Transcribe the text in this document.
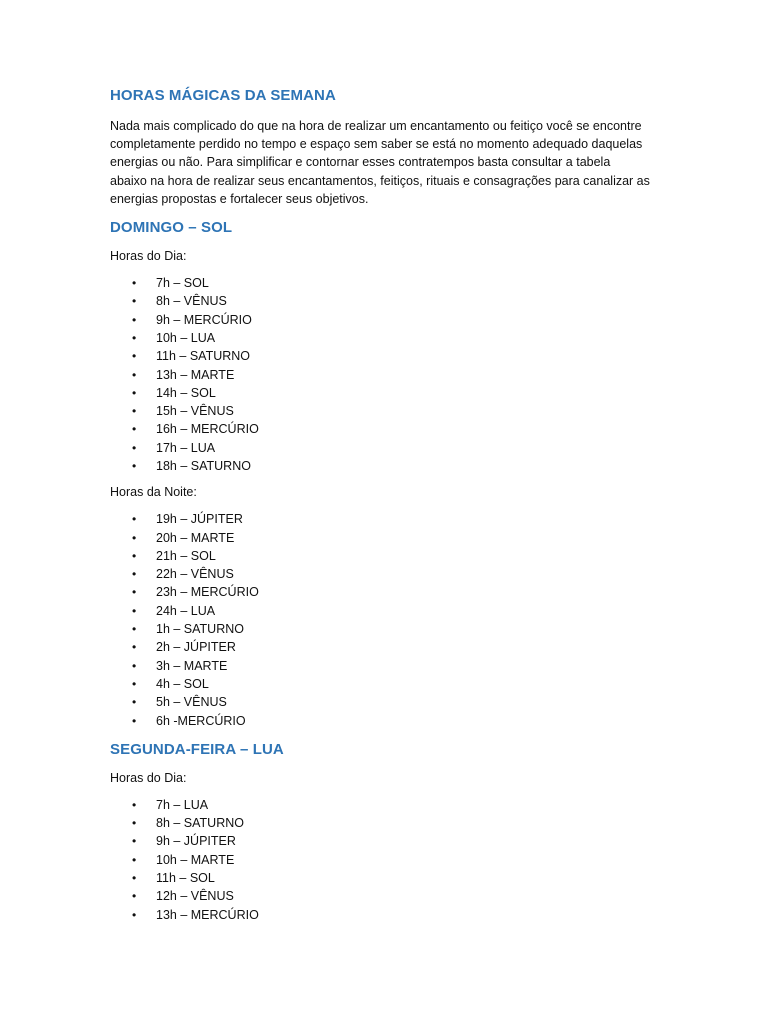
HORAS MÁGICAS DA SEMANA

Nada mais complicado do que na hora de realizar um encantamento ou feitiço você se encontre completamente perdido no tempo e espaço sem saber se está no momento adequado daquelas energias ou não. Para simplificar e contornar esses contratempos basta consultar a tabela abaixo na hora de realizar seus encantamentos, feitiços, rituais e consagrações para canalizar as energias propostas e fortalecer seus objetivos.

DOMINGO – SOL

Horas do Dia:

• 7h – SOL
• 8h – VÊNUS
• 9h – MERCÚRIO
• 10h – LUA
• 11h – SATURNO
• 13h – MARTE
• 14h – SOL
• 15h – VÊNUS
• 16h – MERCÚRIO
• 17h – LUA
• 18h – SATURNO

Horas da Noite:

• 19h – JÚPITER
• 20h – MARTE
• 21h – SOL
• 22h – VÊNUS
• 23h – MERCÚRIO
• 24h – LUA
• 1h – SATURNO
• 2h – JÚPITER
• 3h – MARTE
• 4h – SOL
• 5h – VÊNUS
• 6h -MERCÚRIO
SEGUNDA-FEIRA – LUA

Horas do Dia:

• 7h – LUA
• 8h – SATURNO
• 9h – JÚPITER
• 10h – MARTE
• 11h – SOL
• 12h – VÊNUS
• 13h – MERCÚRIO
